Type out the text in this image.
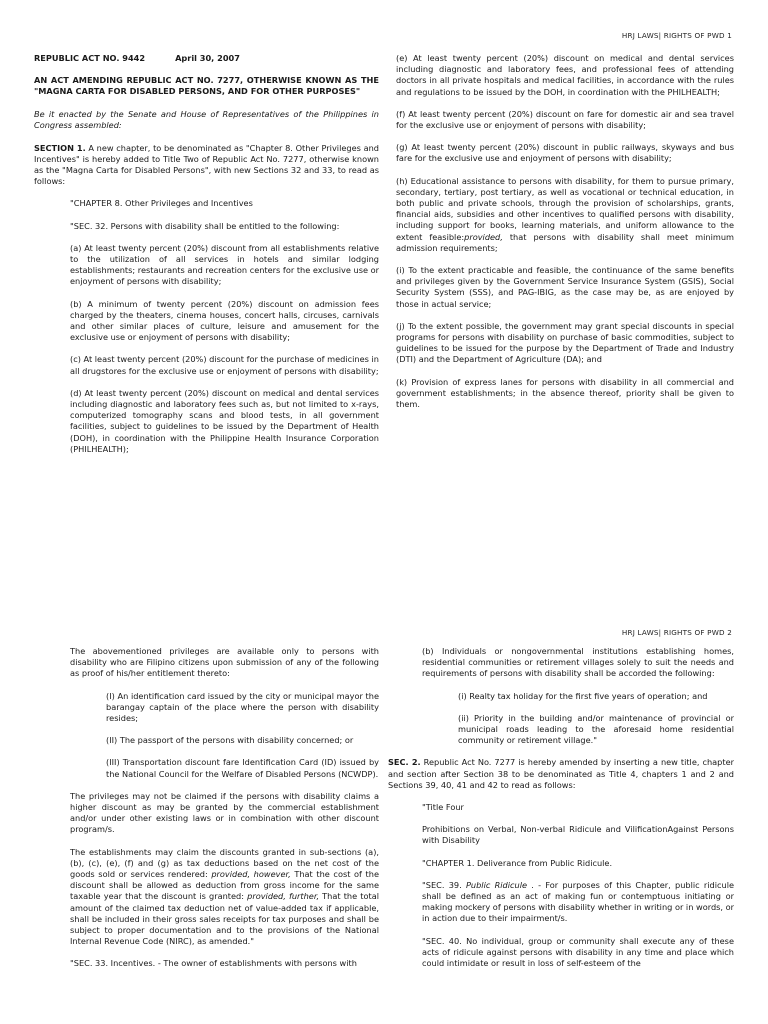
HRJ LAWS| RIGHTS OF PWD 1
REPUBLIC ACT NO. 9442	April 30, 2007
AN ACT AMENDING REPUBLIC ACT NO. 7277, OTHERWISE KNOWN AS THE "MAGNA CARTA FOR DISABLED PERSONS, AND FOR OTHER PURPOSES"

Be it enacted by the Senate and House of Representatives of the Philippines in Congress assembled:

SECTION 1. A new chapter, to be denominated as "Chapter 8. Other Privileges and Incentives" is hereby added to Title Two of Republic Act No. 7277, otherwise known as the "Magna Carta for Disabled Persons", with new Sections 32 and 33, to read as follows:

"CHAPTER 8. Other Privileges and Incentives

"SEC. 32. Persons with disability shall be entitled to the following:

(a) At least twenty percent (20%) discount from all establishments relative to the utilization of all services in hotels and similar lodging establishments; restaurants and recreation centers for the exclusive use or enjoyment of persons with disability;

(b) A minimum of twenty percent (20%) discount on admission fees charged by the theaters, cinema houses, concert halls, circuses, carnivals and other similar places of culture, leisure and amusement for the exclusive use or enjoyment of persons with disability;

(c) At least twenty percent (20%) discount for the purchase of medicines in all drugstores for the exclusive use or enjoyment of persons with disability;

(d) At least twenty percent (20%) discount on medical and dental services including diagnostic and laboratory fees such as, but not limited to x-rays, computerized tomography scans and blood tests, in all government facilities, subject to guidelines to be issued by the Department of Health (DOH), in coordination with the Philippine Health Insurance Corporation (PHILHEALTH);

(e) At least twenty percent (20%) discount on medical and dental services including diagnostic and laboratory fees, and professional fees of attending doctors in all private hospitals and medical facilities, in accordance with the rules and regulations to be issued by the DOH, in coordination with the PHILHEALTH;

(f) At least twenty percent (20%) discount on fare for domestic air and sea travel for the exclusive use or enjoyment of persons with disability;

(g) At least twenty percent (20%) discount in public railways, skyways and bus fare for the exclusive use and enjoyment of persons with disability;

(h) Educational assistance to persons with disability, for them to pursue primary, secondary, tertiary, post tertiary, as well as vocational or technical education, in both public and private schools, through the provision of scholarships, grants, financial aids, subsidies and other incentives to qualified persons with disability, including support for books, learning materials, and uniform allowance to the extent feasible:provided, that persons with disability shall meet minimum admission requirements;

(i) To the extent practicable and feasible, the continuance of the same benefits and privileges given by the Government Service Insurance System (GSIS), Social Security System (SSS), and PAG-IBIG, as the case may be, as are enjoyed by those in actual service;

(j) To the extent possible, the government may grant special discounts in special programs for persons with disability on purchase of basic commodities, subject to guidelines to be issued for the purpose by the Department of Trade and Industry (DTI) and the Department of Agriculture (DA); and

(k) Provision of express lanes for persons with disability in all commercial and government establishments; in the absence thereof, priority shall be given to them.

HRJ LAWS| RIGHTS OF PWD 2

The abovementioned privileges are available only to persons with disability who are Filipino citizens upon submission of any of the following as proof of his/her entitlement thereto:

(I) An identification card issued by the city or municipal mayor the barangay captain of the place where the person with disability resides;

(II) The passport of the persons with disability concerned; or

(III) Transportation discount fare Identification Card (ID) issued by the National Council for the Welfare of Disabled Persons (NCWDP).

The privileges may not be claimed if the persons with disability claims a higher discount as may be granted by the commercial establishment and/or under other existing laws or in combination with other discount program/s.

The establishments may claim the discounts granted in sub-sections (a), (b), (c), (e), (f) and (g) as tax deductions based on the net cost of the goods sold or services rendered: provided, however, That the cost of the discount shall be allowed as deduction from gross income for the same taxable year that the discount is granted: provided, further, That the total amount of the claimed tax deduction net of value-added tax if applicable, shall be included in their gross sales receipts for tax purposes and shall be subject to proper documentation and to the provisions of the National Internal Revenue Code (NIRC), as amended."

"SEC. 33. Incentives. - The owner of establishments with persons with

(b) Individuals or nongovernmental institutions establishing homes, residential communities or retirement villages solely to suit the needs and requirements of persons with disability shall be accorded the following:

(i) Realty tax holiday for the first five years of operation; and

(ii) Priority in the building and/or maintenance of provincial or municipal roads leading to the aforesaid home residential community or retirement village."

SEC. 2. Republic Act No. 7277 is hereby amended by inserting a new title, chapter and section after Section 38 to be denominated as Title 4, chapters 1 and 2 and Sections 39, 40, 41 and 42 to read as follows:

"Title Four

Prohibitions on Verbal, Non-verbal Ridicule and VilificationAgainst Persons with Disability

"CHAPTER 1. Deliverance from Public Ridicule.

"SEC. 39. Public Ridicule . - For purposes of this Chapter, public ridicule shall be defined as an act of making fun or contemptuous initiating or making mockery of persons with disability whether in writing or in words, or in action due to their impairment/s.

"SEC. 40. No individual, group or community shall execute any of these acts of ridicule against persons with disability in any time and place which could intimidate or result in loss of self-esteem of the
